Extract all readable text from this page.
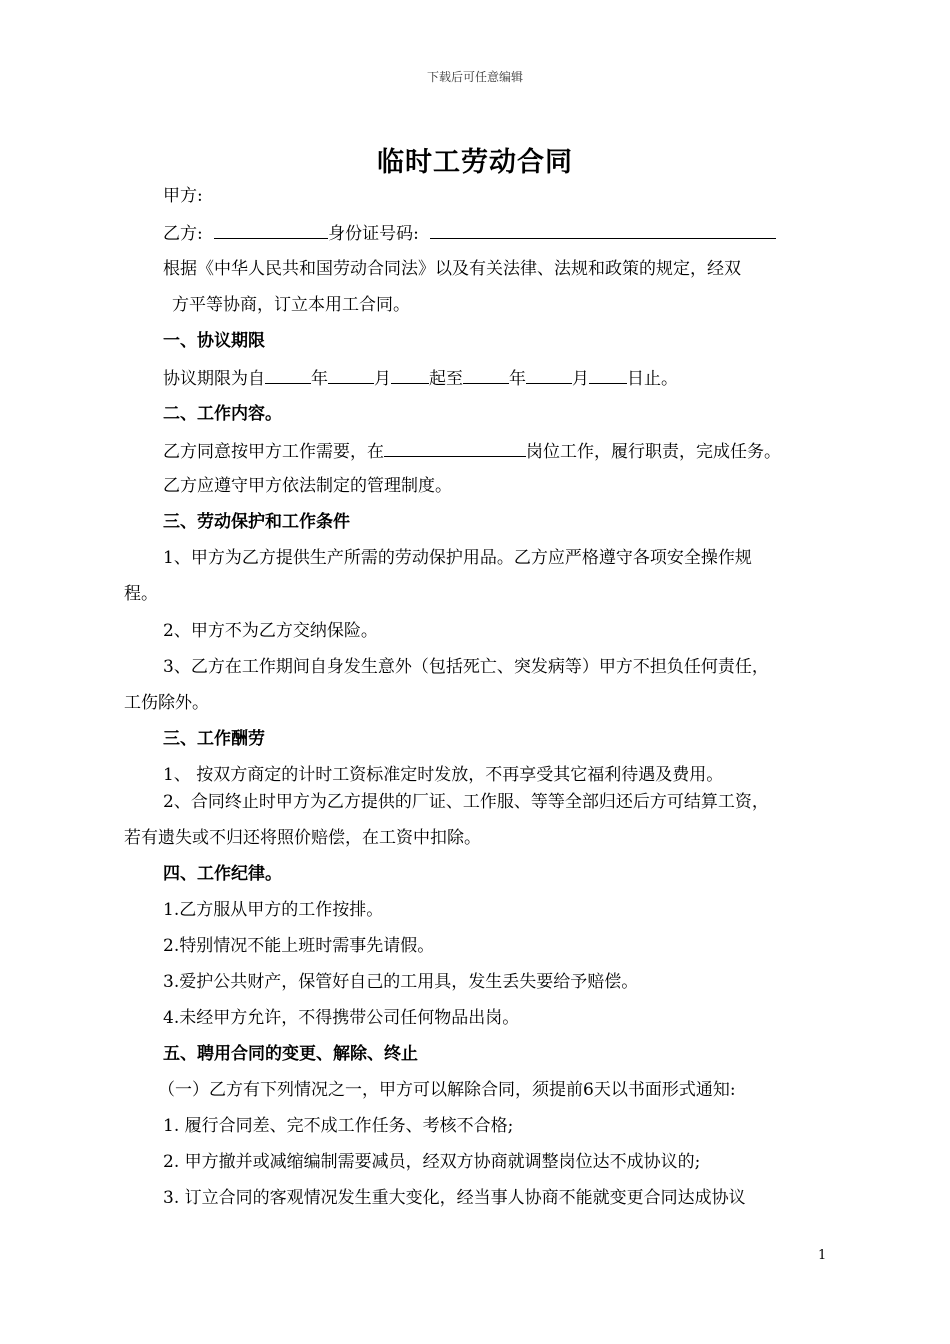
下载后可任意编辑
临时工劳动合同
甲方:
乙方:	身份证号码:
根据《中华人民共和国劳动合同法》以及有关法律、法规和政策的规定，经双
方平等协商，订立本用工合同。
一、协议期限
协议期限为自	年	月 起至	年	月 日止。
二、工作内容。
乙方同意按甲方工作需要，在	岗位工作，履行职责，完成任务。
乙方应遵守甲方依法制定的管理制度。
三、劳动保护和工作条件
1、甲方为乙方提供生产所需的劳动保护用品。乙方应严格遵守各项安全操作规
程。
2、甲方不为乙方交纳保险。
3、乙方在工作期间自身发生意外（包括死亡、突发病等）甲方不担负任何责任，
工伤除外。
三、工作酬劳
1、 按双方商定的计时工资标准定时发放，不再享受其它福利待遇及费用。
2、合同终止时甲方为乙方提供的厂证、工作服、等等全部归还后方可结算工资，
若有遗失或不归还将照价赔偿，在工资中扣除。
四、工作纪律。
1.乙方服从甲方的工作按排。
2.特别情况不能上班时需事先请假。
3.爱护公共财产，保管好自己的工用具，发生丢失要给予赔偿。
4.未经甲方允许，不得携带公司任何物品出岗。
五、聘用合同的变更、解除、终止
（一）乙方有下列情况之一，甲方可以解除合同，须提前6天以书面形式通知:
1. 履行合同差、完不成工作任务、考核不合格;
2. 甲方撤并或减缩编制需要减员，经双方协商就调整岗位达不成协议的;
3. 订立合同的客观情况发生重大变化，经当事人协商不能就变更合同达成协议
1
